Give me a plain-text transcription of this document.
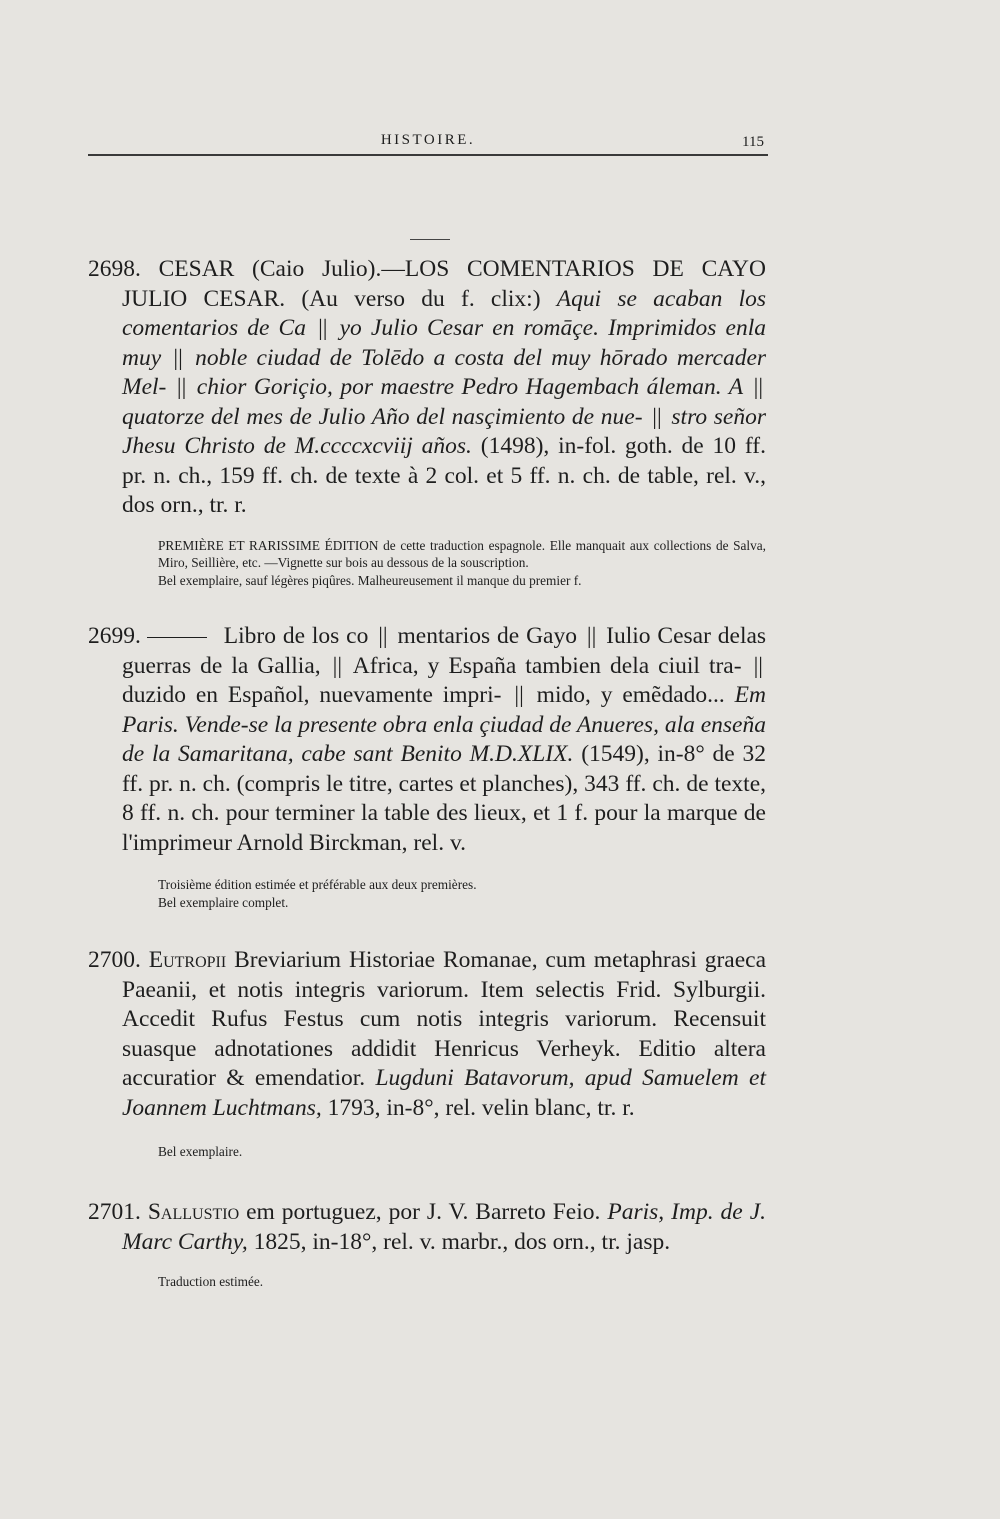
HISTOIRE.	115

2698. CESAR (Caio Julio).—LOS COMENTARIOS DE CAYO JULIO CESAR. (Au verso du f. clix:) Aqui se acaban los comentarios de Ca || yo Julio Cesar en romāçe. Imprimidos enla muy || noble ciudad de Tolēdo a costa del muy hōrado mercader Mel- || chior Goriçio, por maestre Pedro Hagembach áleman. A || quatorze del mes de Julio Año del nasçimiento de nue- || stro señor Jhesu Christo de M.ccccxcviij años. (1498), in-fol. goth. de 10 ff. pr. n. ch., 159 ff. ch. de texte à 2 col. et 5 ff. n. ch. de table, rel. v., dos orn., tr. r.

PREMIÈRE ET RARISSIME ÉDITION de cette traduction espagnole. Elle manquait aux collections de Salva, Miro, Seillière, etc. —Vignette sur bois au dessous de la souscription.

Bel exemplaire, sauf légères piqûres. Malheureusement il manque du premier f.

2699.	Libro de los co || mentarios de Gayo || Iulio Cesar delas guerras de la Gallia, || Africa, y España tambien dela ciuil tra- || duzido en Español, nuevamente impri- || mido, y emẽdado... Em Paris. Vende-se la presente obra enla çiudad de Anueres, ala enseña de la Samaritana, cabe sant Benito M.D.XLIX. (1549), in-8° de 32 ff. pr. n. ch. (compris le titre, cartes et planches), 343 ff. ch. de texte, 8 ff. n. ch. pour terminer la table des lieux, et 1 f. pour la marque de l'imprimeur Arnold Birckman, rel. v.

Troisième édition estimée et préférable aux deux premières.

Bel exemplaire complet.

2700. Eutropii Breviarium Historiae Romanae, cum metaphrasi graeca Paeanii, et notis integris variorum. Item selectis Frid. Sylburgii. Accedit Rufus Festus cum notis integris variorum. Recensuit suasque adnotationes addidit Henricus Verheyk. Editio altera accuratior & emendatior. Lugduni Batavorum, apud Samuelem et Joannem Luchtmans, 1793, in-8°, rel. velin blanc, tr. r.

Bel exemplaire.

2701. Sallustio em portuguez, por J. V. Barreto Feio. Paris, Imp. de J. Marc Carthy, 1825, in-18°, rel. v. marbr., dos orn., tr. jasp.

Traduction estimée.
